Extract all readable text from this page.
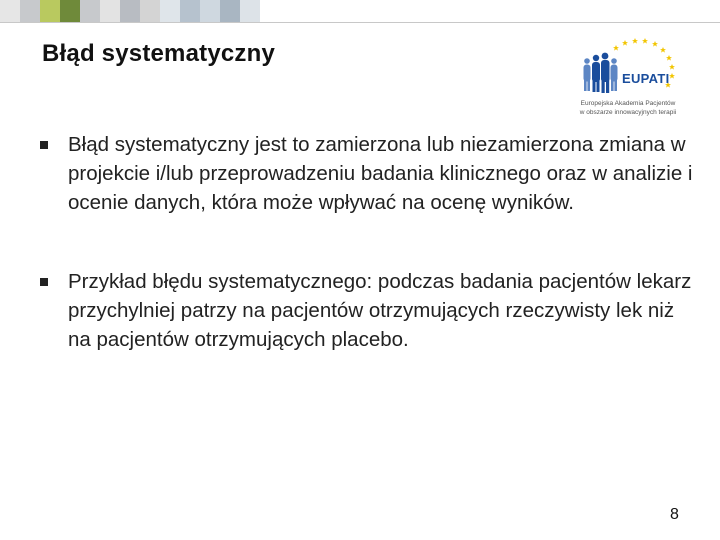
Błąd systematyczny
EUPATI
Europejska Akademia Pacjentów
w obszarze innowacyjnych terapii
Błąd systematyczny jest to zamierzona lub niezamierzona zmiana w projekcie i/lub przeprowadzeniu badania klinicznego oraz w analizie i ocenie danych, która może wpływać na ocenę wyników.
Przykład błędu systematycznego: podczas badania pacjentów lekarz przychylniej patrzy na pacjentów otrzymujących rzeczywisty lek niż na pacjentów otrzymujących placebo.
8
